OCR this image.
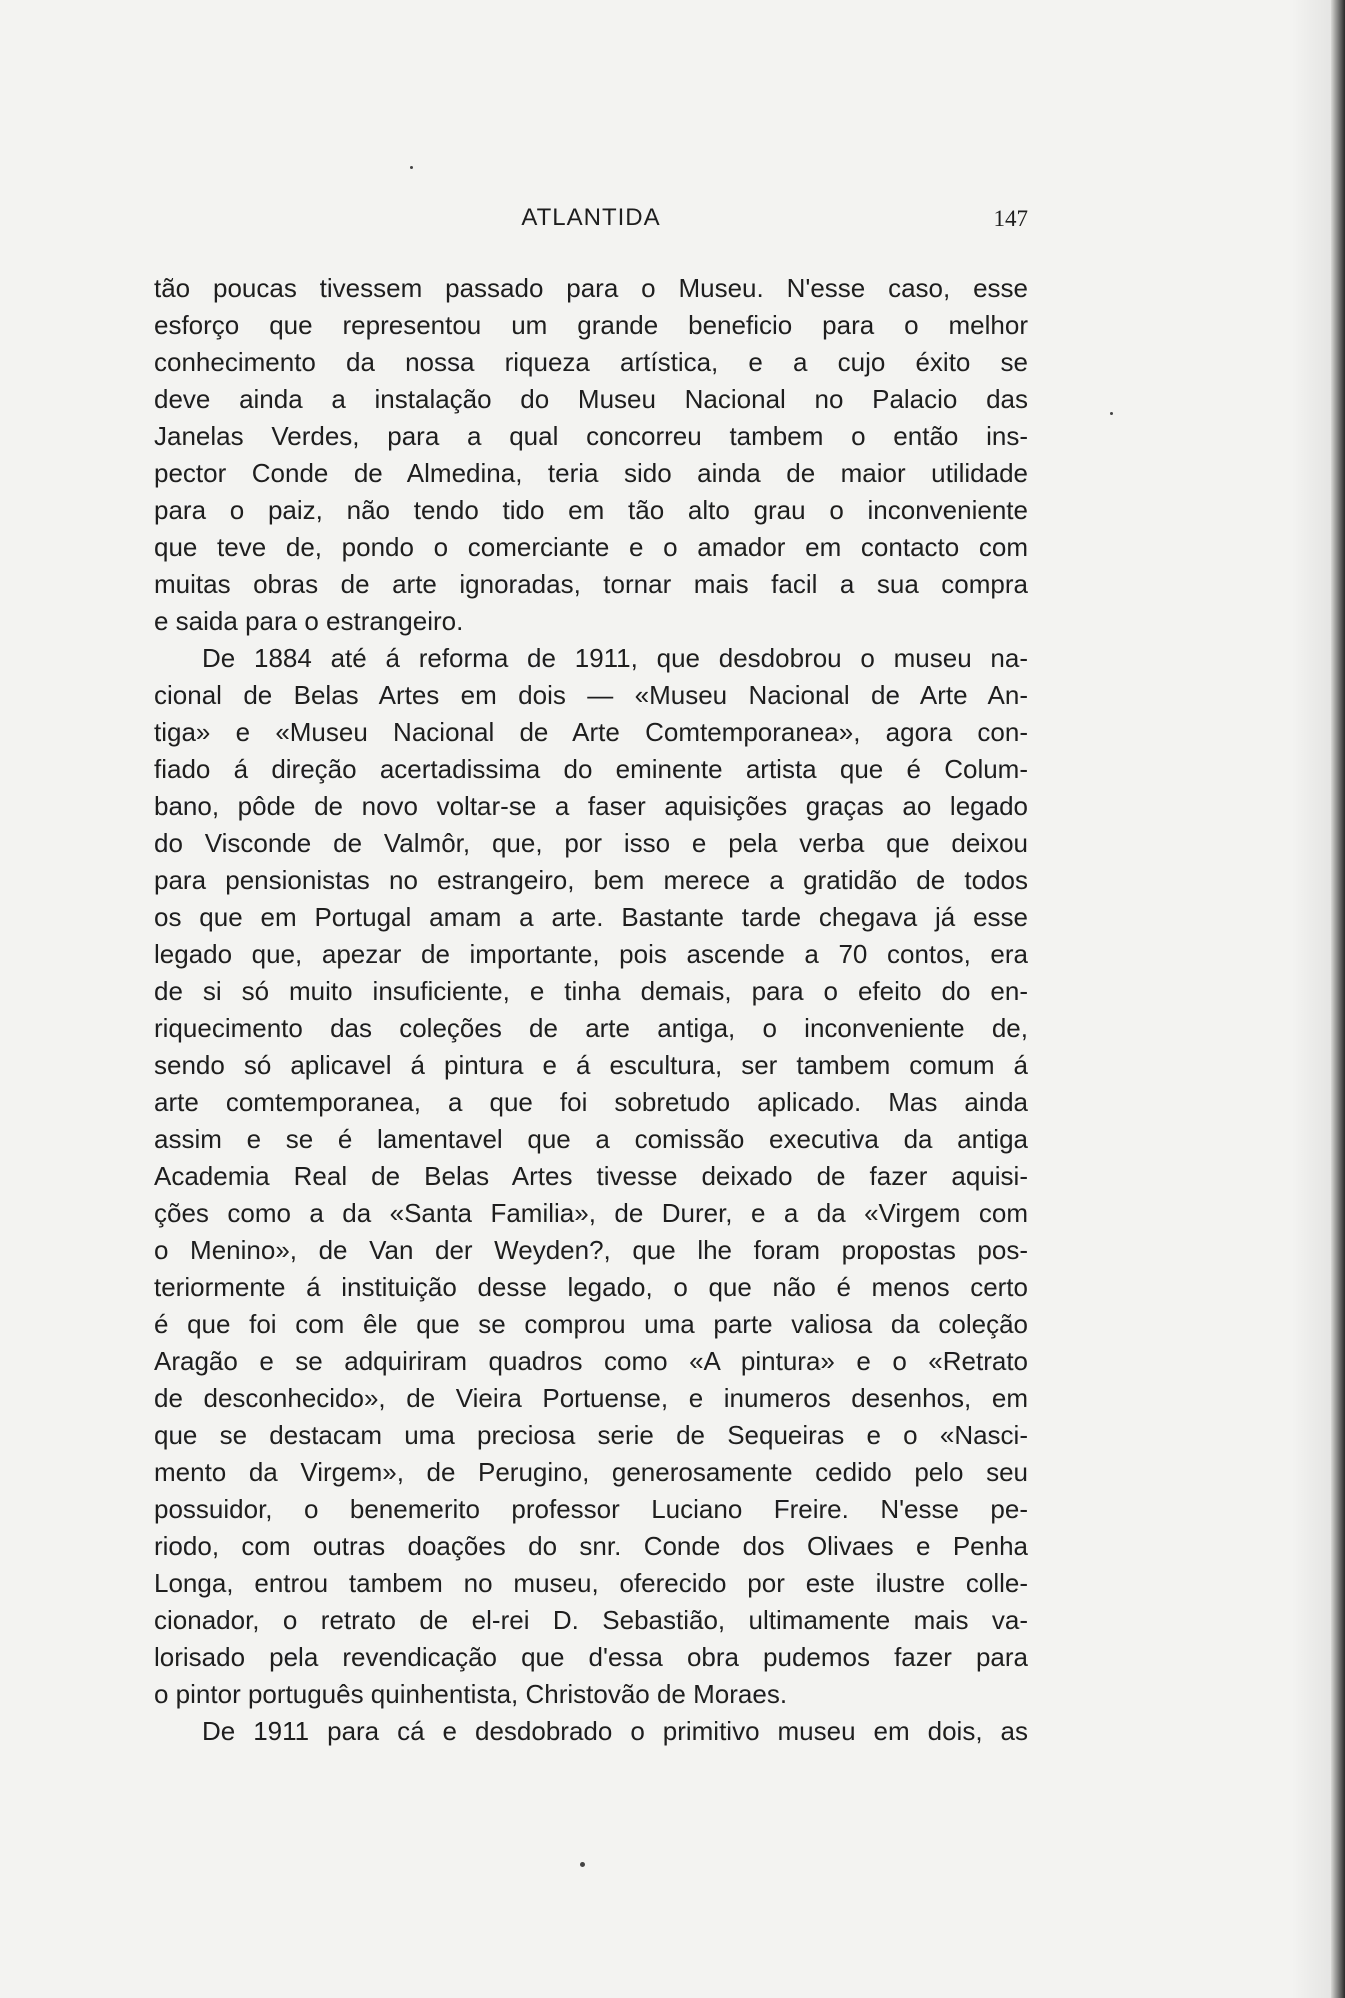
ATLANTIDA	147
tão poucas tivessem passado para o Museu. N'esse caso, esse
esforço que representou um grande beneficio para o melhor
conhecimento da nossa riqueza artística, e a cujo éxito se
deve ainda a instalação do Museu Nacional no Palacio das
Janelas Verdes, para a qual concorreu tambem o então ins-
pector Conde de Almedina, teria sido ainda de maior utilidade
para o paiz, não tendo tido em tão alto grau o inconveniente
que teve de, pondo o comerciante e o amador em contacto com
muitas obras de arte ignoradas, tornar mais facil a sua compra
e saida para o estrangeiro.
De 1884 até á reforma de 1911, que desdobrou o museu na-
cional de Belas Artes em dois — «Museu Nacional de Arte An-
tiga» e «Museu Nacional de Arte Comtemporanea», agora con-
fiado á direção acertadissima do eminente artista que é Colum-
bano, pôde de novo voltar-se a faser aquisições graças ao legado
do Visconde de Valmôr, que, por isso e pela verba que deixou
para pensionistas no estrangeiro, bem merece a gratidão de todos
os que em Portugal amam a arte. Bastante tarde chegava já esse
legado que, apezar de importante, pois ascende a 70 contos, era
de si só muito insuficiente, e tinha demais, para o efeito do en-
riquecimento das coleções de arte antiga, o inconveniente de,
sendo só aplicavel á pintura e á escultura, ser tambem comum á
arte comtemporanea, a que foi sobretudo aplicado. Mas ainda
assim e se é lamentavel que a comissão executiva da antiga
Academia Real de Belas Artes tivesse deixado de fazer aquisi-
ções como a da «Santa Familia», de Durer, e a da «Virgem com
o Menino», de Van der Weyden?, que lhe foram propostas pos-
teriormente á instituição desse legado, o que não é menos certo
é que foi com êle que se comprou uma parte valiosa da coleção
Aragão e se adquiriram quadros como «A pintura» e o «Retrato
de desconhecido», de Vieira Portuense, e inumeros desenhos, em
que se destacam uma preciosa serie de Sequeiras e o «Nasci-
mento da Virgem», de Perugino, generosamente cedido pelo seu
possuidor, o benemerito professor Luciano Freire. N'esse pe-
riodo, com outras doações do snr. Conde dos Olivaes e Penha
Longa, entrou tambem no museu, oferecido por este ilustre colle-
cionador, o retrato de el-rei D. Sebastião, ultimamente mais va-
lorisado pela revendicação que d'essa obra pudemos fazer para
o pintor português quinhentista, Christovão de Moraes.
De 1911 para cá e desdobrado o primitivo museu em dois, as
